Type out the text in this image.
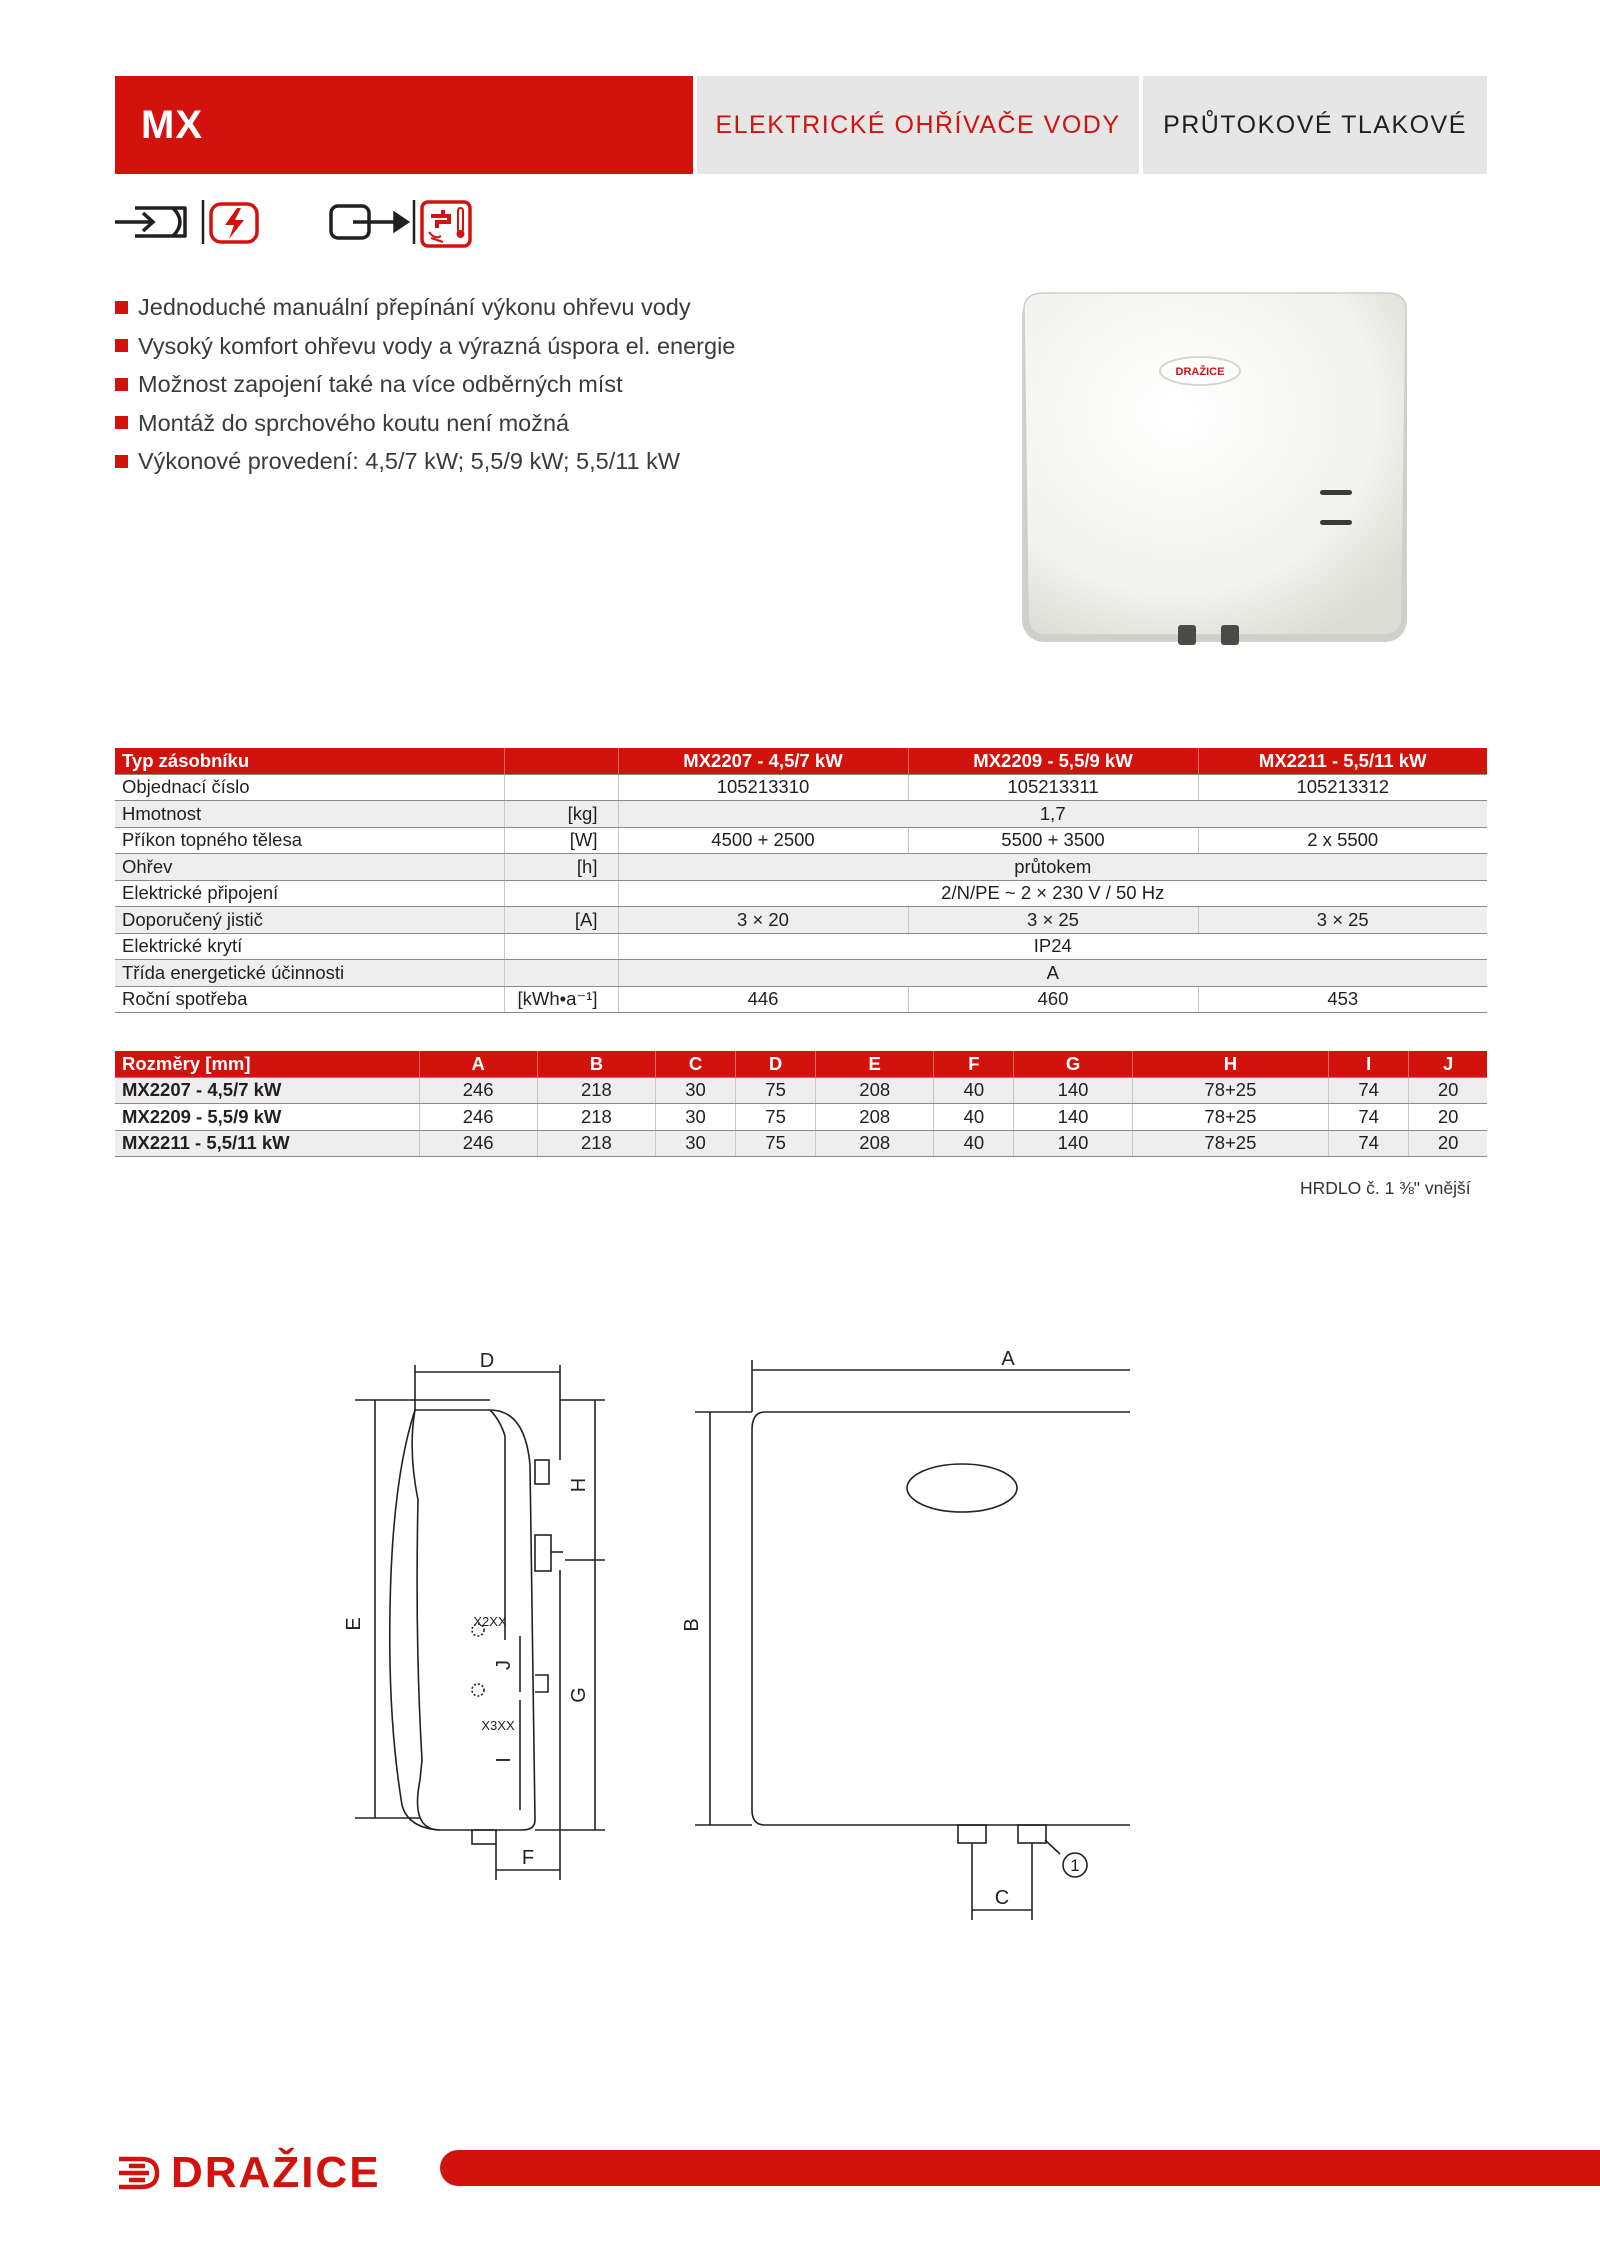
MX	ELEKTRICKÉ OHŘÍVAČE VODY	PRŮTOKOVÉ TLAKOVÉ
Jednoduché manuální přepínání výkonu ohřevu vody
Vysoký komfort ohřevu vody a výrazná úspora el. energie
Možnost zapojení také na více odběrných míst
Montáž do sprchového koutu není možná
Výkonové provedení: 4,5/7 kW; 5,5/9 kW; 5,5/11 kW
DRAŽICE
Typ zásobníku		MX2207 - 4,5/7 kW	MX2209 - 5,5/9 kW	MX2211 - 5,5/11 kW
Objednací číslo		105213310	105213311	105213312
Hmotnost	[kg]	1,7		
Příkon topného tělesa	[W]	4500 + 2500	5500 + 3500	2 x 5500
Ohřev	[h]	průtokem		
Elektrické připojení		2/N/PE ~ 2 × 230 V / 50 Hz		
Doporučený jistič	[A]	3 × 20	3 × 25	3 × 25
Elektrické krytí		IP24		
Třída energetické účinnosti		A		
Roční spotřeba	[kWh•a⁻¹]	446	460	453
Rozměry [mm]	A	B	C	D	E	F	G	H	I	J
MX2207 - 4,5/7 kW	246	218	30	75	208	40	140	78+25	74	20
MX2209 - 5,5/9 kW	246	218	30	75	208	40	140	78+25	74	20
MX2211 - 5,5/11 kW	246	218	30	75	208	40	140	78+25	74	20
HRDLO č. 1 ⅜" vnější
D
E
H
G
J
I
F
X2XX
X3XX
A
B
C
1
DRAŽICE
